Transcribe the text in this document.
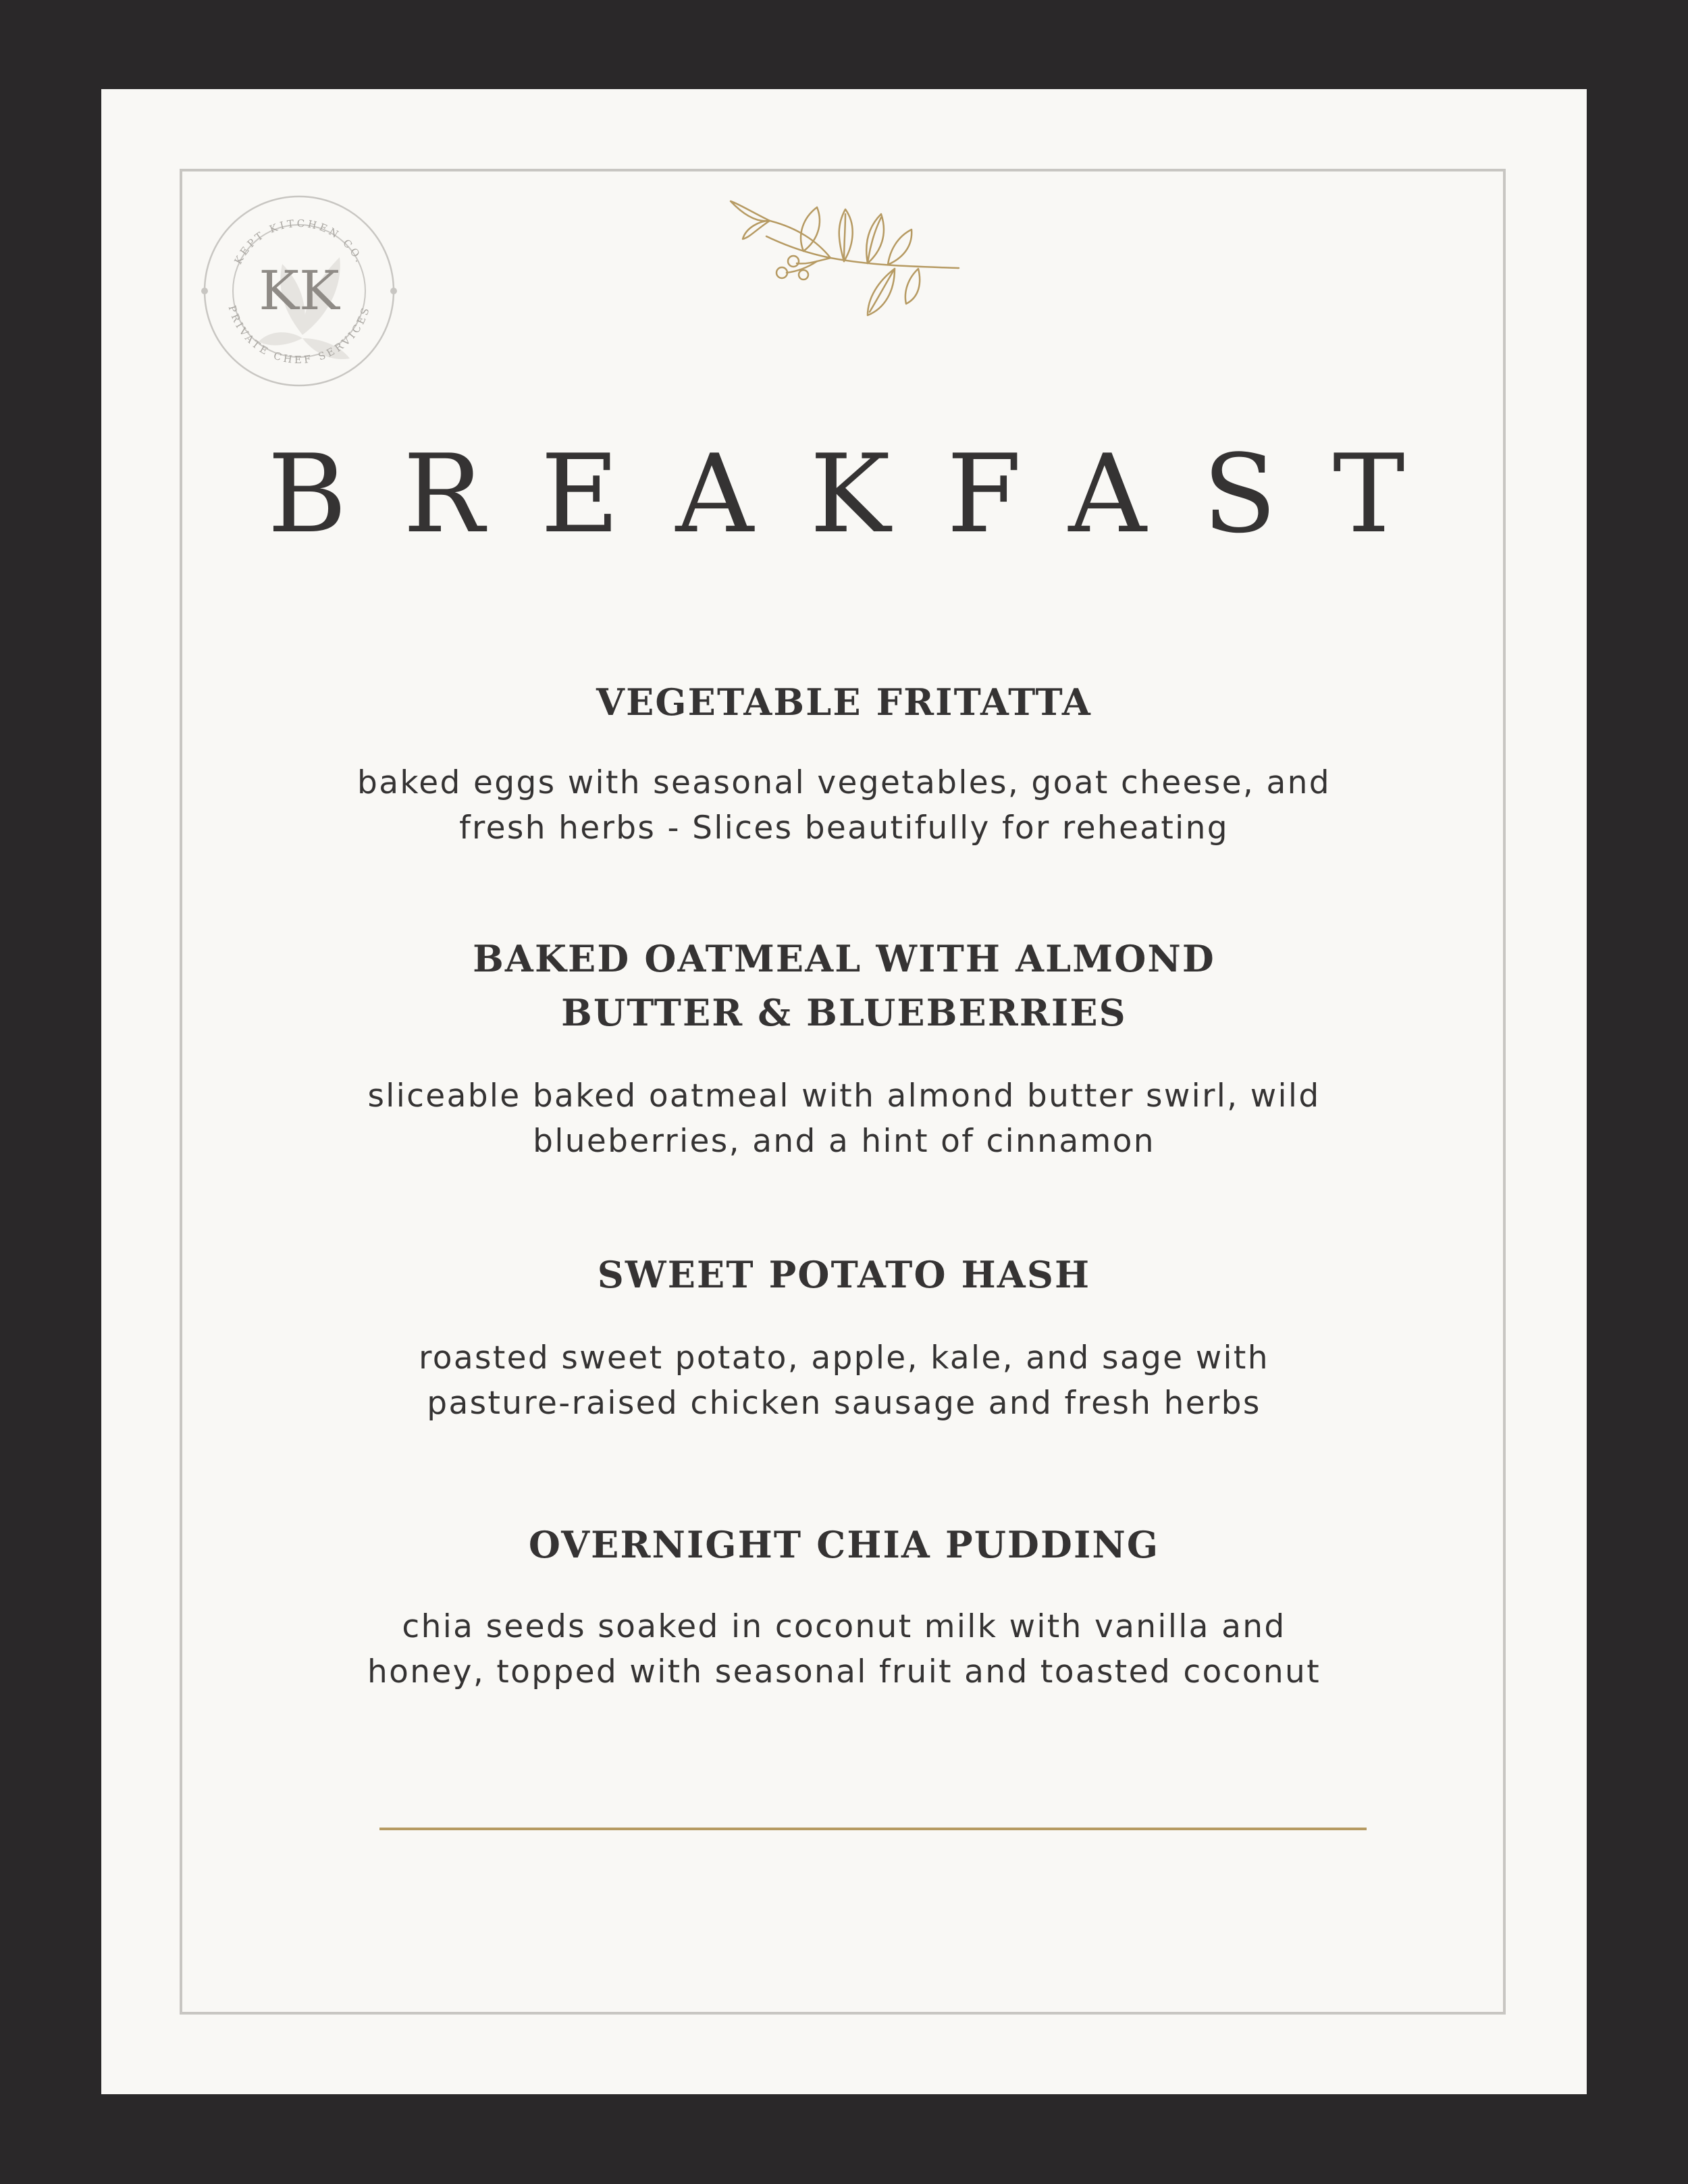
KEPT KITCHEN CO.
PRIVATE CHEF SERVICES
KK
BREAKFAST
VEGETABLE FRITATTA
baked eggs with seasonal vegetables, goat cheese, and
fresh herbs - Slices beautifully for reheating
BAKED OATMEAL WITH ALMOND
BUTTER & BLUEBERRIES
sliceable baked oatmeal with almond butter swirl, wild
blueberries, and a hint of cinnamon
SWEET POTATO HASH
roasted sweet potato, apple, kale, and sage with
pasture-raised chicken sausage and fresh herbs
OVERNIGHT CHIA PUDDING
chia seeds soaked in coconut milk with vanilla and
honey, topped with seasonal fruit and toasted coconut
